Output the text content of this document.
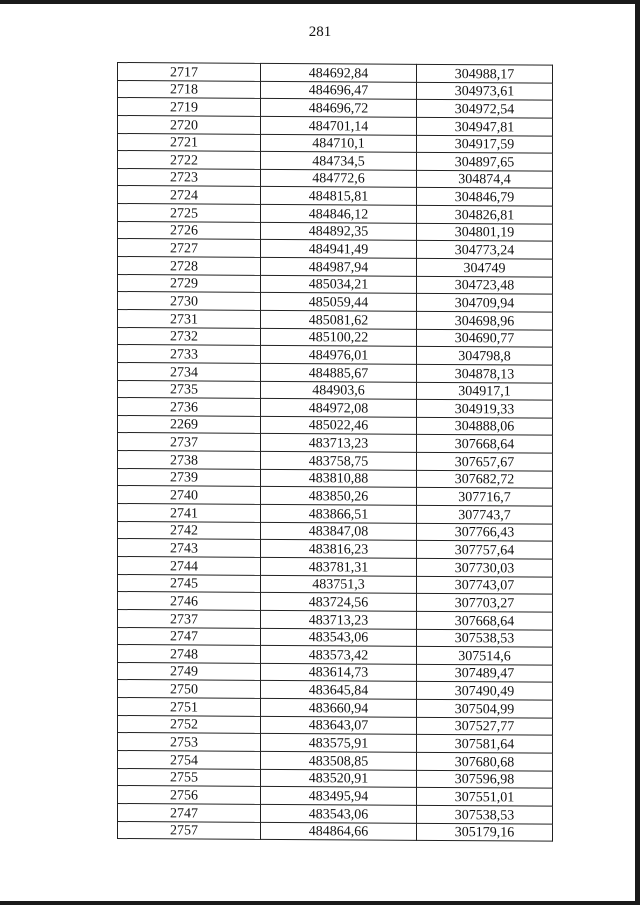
281
2717	484692,84	304988,17
2718	484696,47	304973,61
2719	484696,72	304972,54
2720	484701,14	304947,81
2721	484710,1	304917,59
2722	484734,5	304897,65
2723	484772,6	304874,4
2724	484815,81	304846,79
2725	484846,12	304826,81
2726	484892,35	304801,19
2727	484941,49	304773,24
2728	484987,94	304749
2729	485034,21	304723,48
2730	485059,44	304709,94
2731	485081,62	304698,96
2732	485100,22	304690,77
2733	484976,01	304798,8
2734	484885,67	304878,13
2735	484903,6	304917,1
2736	484972,08	304919,33
2269	485022,46	304888,06
2737	483713,23	307668,64
2738	483758,75	307657,67
2739	483810,88	307682,72
2740	483850,26	307716,7
2741	483866,51	307743,7
2742	483847,08	307766,43
2743	483816,23	307757,64
2744	483781,31	307730,03
2745	483751,3	307743,07
2746	483724,56	307703,27
2737	483713,23	307668,64
2747	483543,06	307538,53
2748	483573,42	307514,6
2749	483614,73	307489,47
2750	483645,84	307490,49
2751	483660,94	307504,99
2752	483643,07	307527,77
2753	483575,91	307581,64
2754	483508,85	307680,68
2755	483520,91	307596,98
2756	483495,94	307551,01
2747	483543,06	307538,53
2757	484864,66	305179,16
